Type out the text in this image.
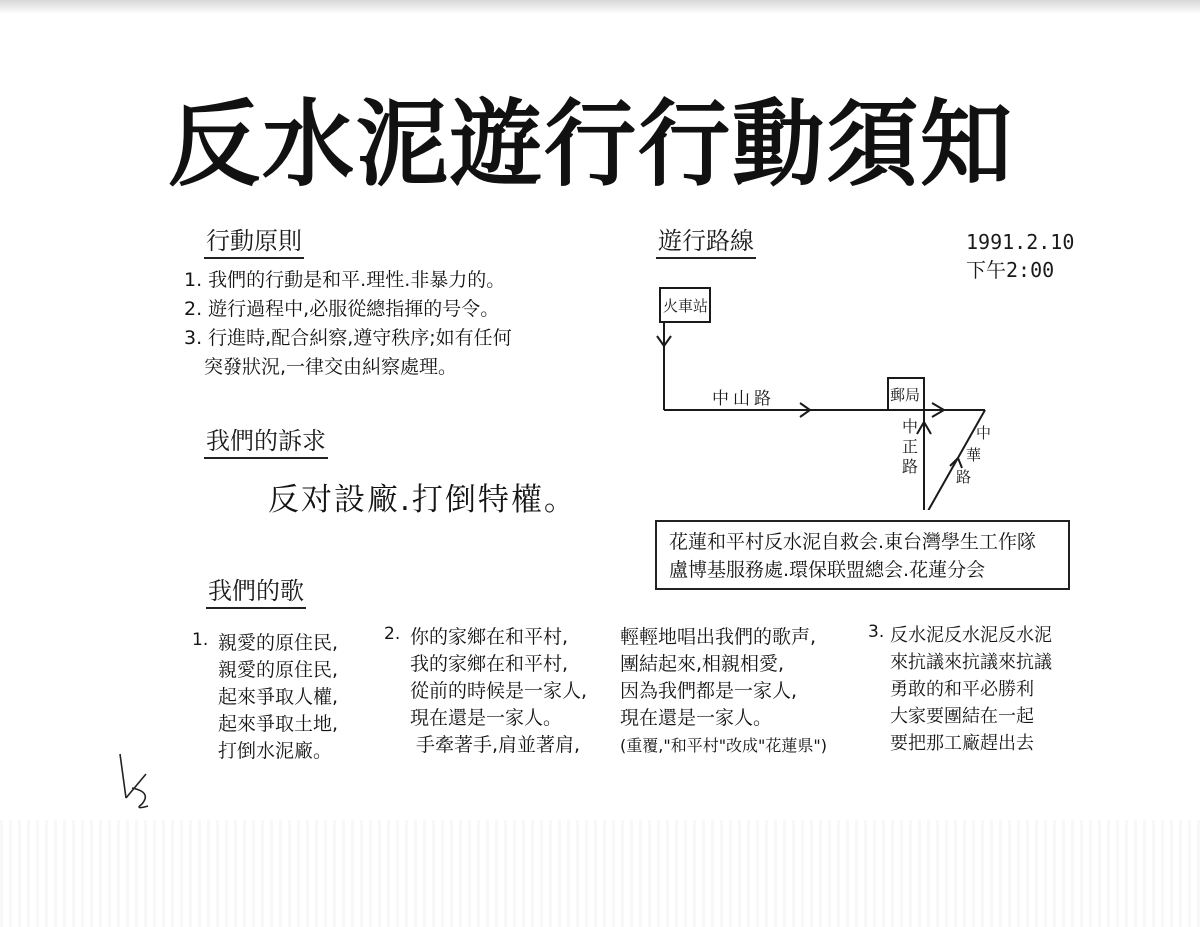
反水泥遊行行動須知
1991.2.10
下午2:00
行動原則
1. 我們的行動是和平.理性.非暴力的。
2. 遊行過程中,必服從總指揮的号令。
3. 行進時,配合糾察,遵守秩序;如有任何
突發狀況,一律交由糾察處理。
我們的訴求
反对設廠.打倒特權。
遊行路線
火車站
中山路	郵局
中
正
路
中
華
路
花蓮和平村反水泥自救会.東台灣學生工作隊
盧博基服務處.環保联盟總会.花蓮分会
我們的歌
1. 親愛的原住民,
親愛的原住民,
起來爭取人權,
起來爭取土地,
打倒水泥廠。
2. 你的家鄉在和平村,
我的家鄉在和平村,
從前的時候是一家人,
現在還是一家人。
手牽著手,肩並著肩,
輕輕地唱出我們的歌声,
團結起來,相親相愛,
因為我們都是一家人,
現在還是一家人。
(重覆,"和平村"改成"花蓮県")
3. 反水泥反水泥反水泥
來抗議來抗議來抗議
勇敢的和平必勝利
大家要團結在一起
要把那工廠趕出去
